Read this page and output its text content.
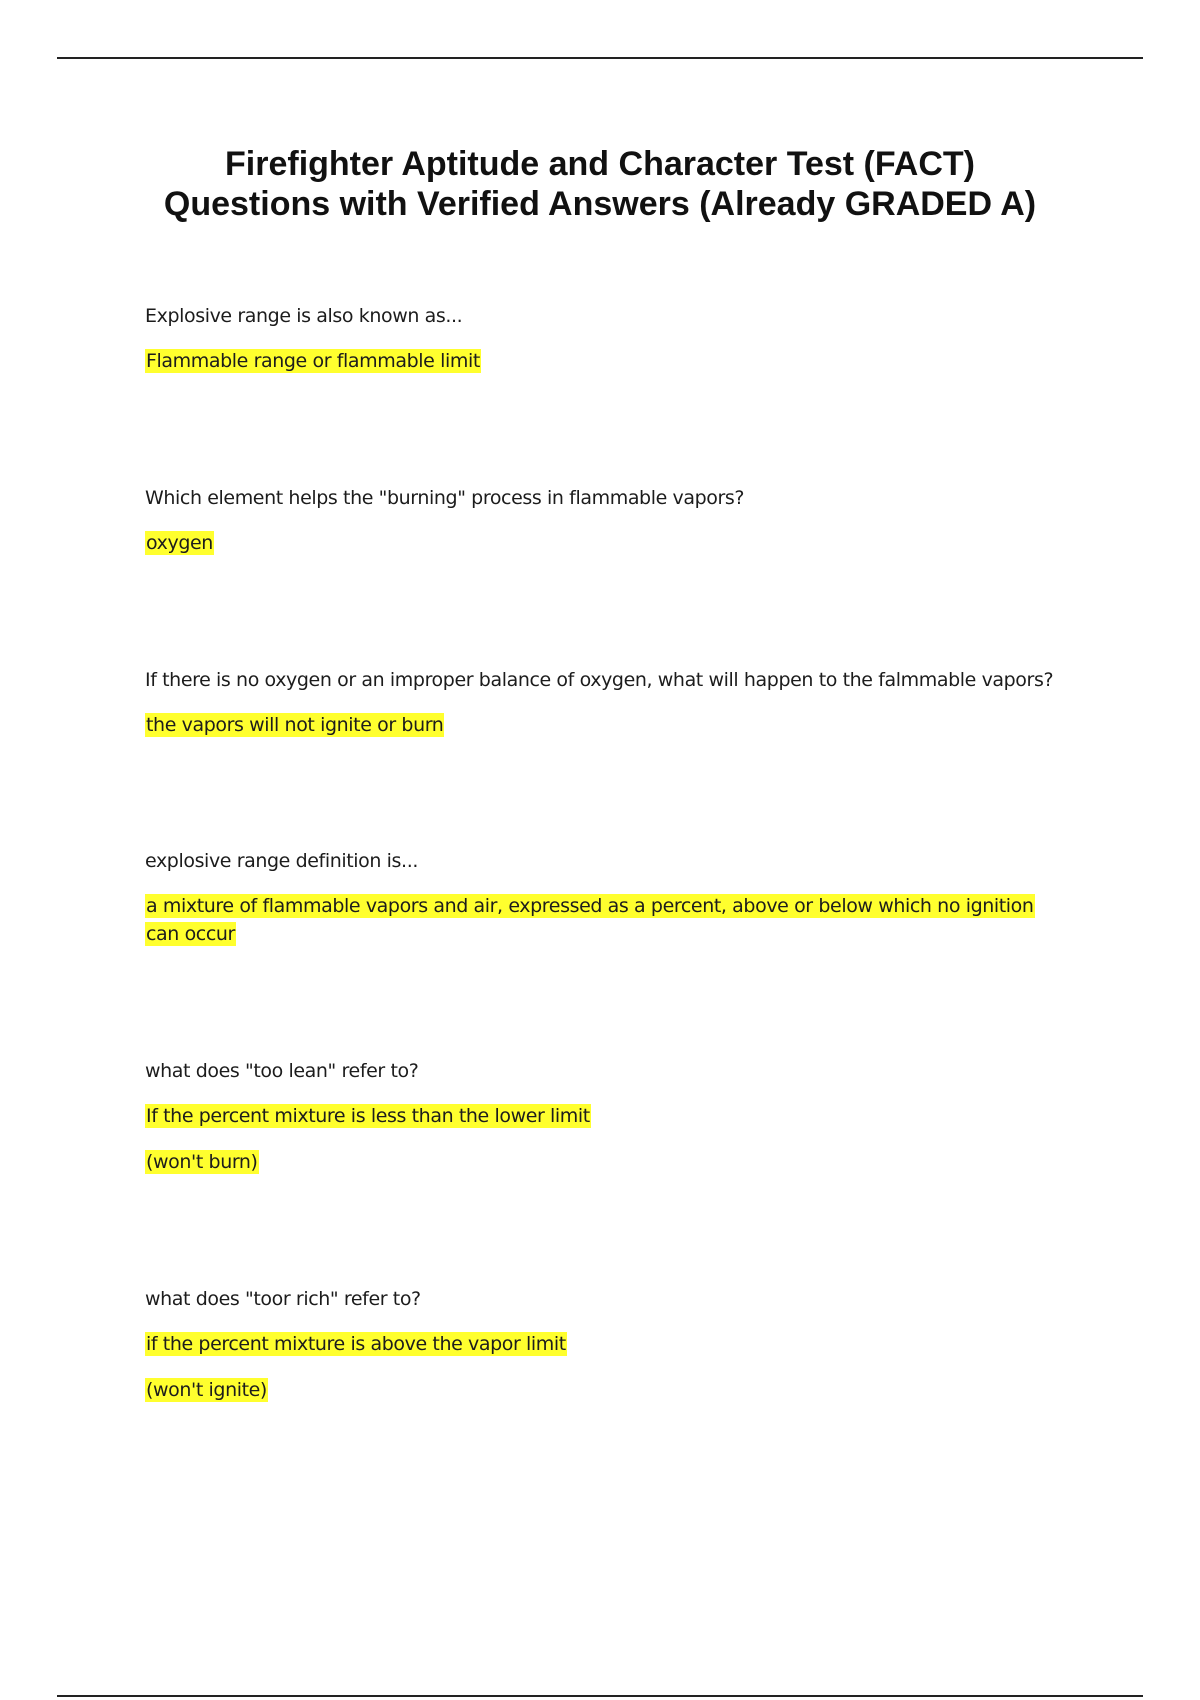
Firefighter Aptitude and Character Test (FACT)
Questions with Verified Answers (Already GRADED A)

Explosive range is also known as...

Flammable range or flammable limit

Which element helps the "burning" process in flammable vapors?

oxygen

If there is no oxygen or an improper balance of oxygen, what will happen to the falmmable vapors?

the vapors will not ignite or burn

explosive range definition is...

a mixture of flammable vapors and air, expressed as a percent, above or below which no ignition can occur

what does "too lean" refer to?

If the percent mixture is less than the lower limit

(won't burn)

what does "toor rich" refer to?

if the percent mixture is above the vapor limit

(won't ignite)
